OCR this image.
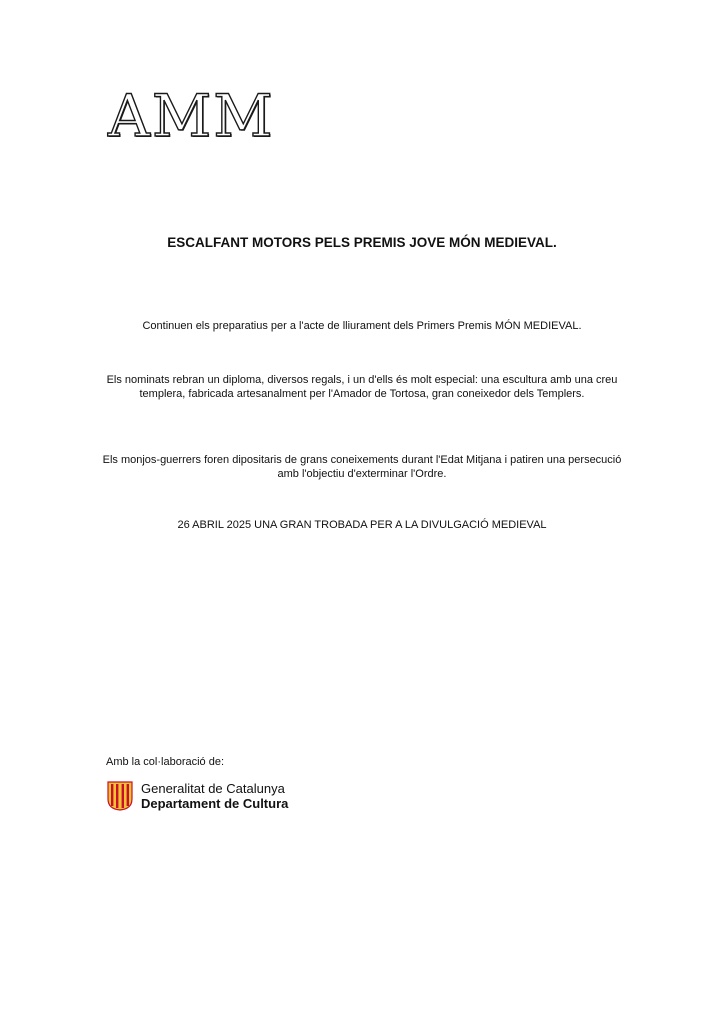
AMM
ESCALFANT MOTORS PELS PREMIS JOVE MÓN MEDIEVAL.
Continuen els preparatius per a l'acte de lliurament dels Primers Premis MÓN MEDIEVAL.
Els nominats rebran un diploma, diversos regals, i un d'ells és molt especial: una escultura amb una creu templera, fabricada artesanalment per l'Amador de Tortosa, gran coneixedor dels Templers.
Els monjos-guerrers foren dipositaris de grans coneixements durant l'Edat Mitjana i patiren una persecució amb l'objectiu d'exterminar l'Ordre.
26 ABRIL 2025 UNA GRAN TROBADA PER A LA DIVULGACIÓ MEDIEVAL
Amb la col·laboració de:
Generalitat de Catalunya
Departament de Cultura
